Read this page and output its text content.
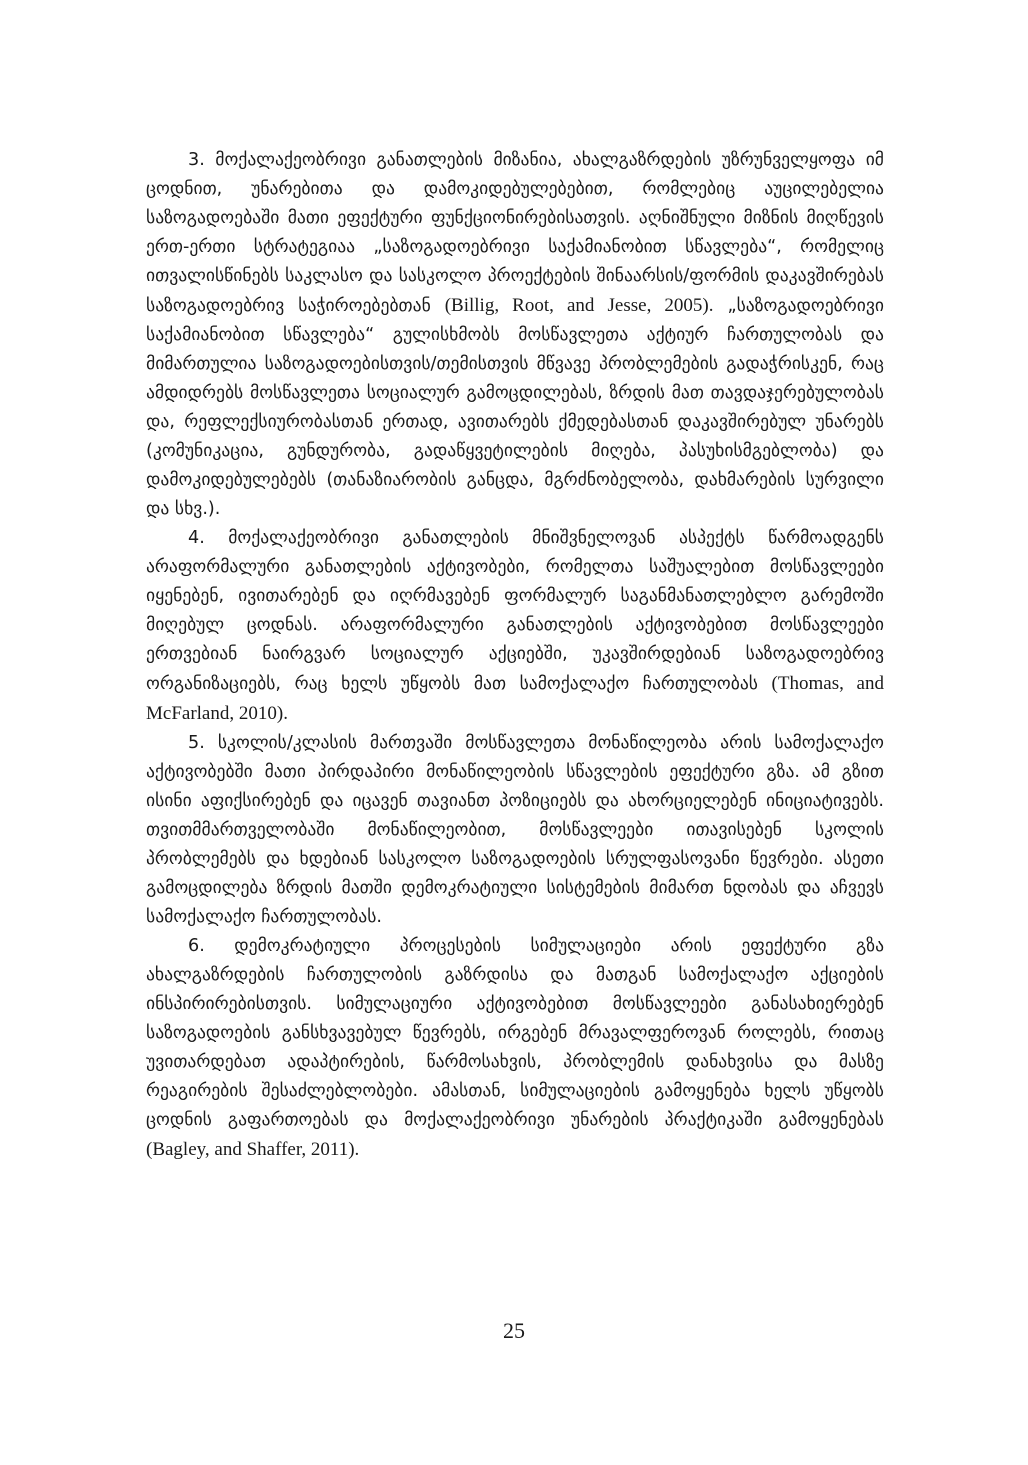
3. მოქალაქეობრივი განათლების მიზანია, ახალგაზრდების უზრუნველყოფა იმ ცოდნით, უნარებითა და დამოკიდებულებებით, რომლებიც აუცილებელია საზოგადოებაში მათი ეფექტური ფუნქციონირებისათვის. აღნიშნული მიზნის მიღწევის ერთ-ერთი სტრატეგიაა „საზოგადოებრივი საქამიანობით სწავლება“, რომელიც ითვალისწინებს საკლასო და სასკოლო პროექტების შინაარსის/ფორმის დაკავშირებას საზოგადოებრივ საჭიროებებთან (Billig, Root, and Jesse, 2005). „საზოგადოებრივი საქამიანობით სწავლება“ გულისხმობს მოსწავლეთა აქტიურ ჩართულობას და მიმართულია საზოგადოებისთვის/თემისთვის მწვავე პრობლემების გადაჭრისკენ, რაც ამდიდრებს მოსწავლეთა სოციალურ გამოცდილებას, ზრდის მათ თავდაჯერებულობას და, რეფლექსიურობასთან ერთად, ავითარებს ქმედებასთან დაკავშირებულ უნარებს (კომუნიკაცია, გუნდურობა, გადაწყვეტილების მიღება, პასუხისმგებლობა) და დამოკიდებულებებს (თანაზიარობის განცდა, მგრძნობელობა, დახმარების სურვილი და სხვ.).

4. მოქალაქეობრივი განათლების მნიშვნელოვან ასპექტს წარმოადგენს არაფორმალური განათლების აქტივობები, რომელთა საშუალებით მოსწავლეები იყენებენ, ივითარებენ და იღრმავებენ ფორმალურ საგანმანათლებლო გარემოში მიღებულ ცოდნას. არაფორმალური განათლების აქტივობებით მოსწავლეები ერთვებიან ნაირგვარ სოციალურ აქციებში, უკავშირდებიან საზოგადოებრივ ორგანიზაციებს, რაც ხელს უწყობს მათ სამოქალაქო ჩართულობას (Thomas, and McFarland, 2010).

5. სკოლის/კლასის მართვაში მოსწავლეთა მონაწილეობა არის სამოქალაქო აქტივობებში მათი პირდაპირი მონაწილეობის სწავლების ეფექტური გზა. ამ გზით ისინი აფიქსირებენ და იცავენ თავიანთ პოზიციებს და ახორციელებენ ინიციატივებს. თვითმმართველობაში მონაწილეობით, მოსწავლეები ითავისებენ სკოლის პრობლემებს და ხდებიან სასკოლო საზოგადოების სრულფასოვანი წევრები. ასეთი გამოცდილება ზრდის მათში დემოკრატიული სისტემების მიმართ ნდობას და აჩვევს სამოქალაქო ჩართულობას.

6. დემოკრატიული პროცესების სიმულაციები არის ეფექტური გზა ახალგაზრდების ჩართულობის გაზრდისა და მათგან სამოქალაქო აქციების ინსპირირებისთვის. სიმულაციური აქტივობებით მოსწავლეები განასახიერებენ საზოგადოების განსხვავებულ წევრებს, ირგებენ მრავალფეროვან როლებს, რითაც უვითარდებათ ადაპტირების, წარმოსახვის, პრობლემის დანახვისა და მასზე რეაგირების შესაძლებლობები. ამასთან, სიმულაციების გამოყენება ხელს უწყობს ცოდნის გაფართოებას და მოქალაქეობრივი უნარების პრაქტიკაში გამოყენებას (Bagley, and Shaffer, 2011).

25
